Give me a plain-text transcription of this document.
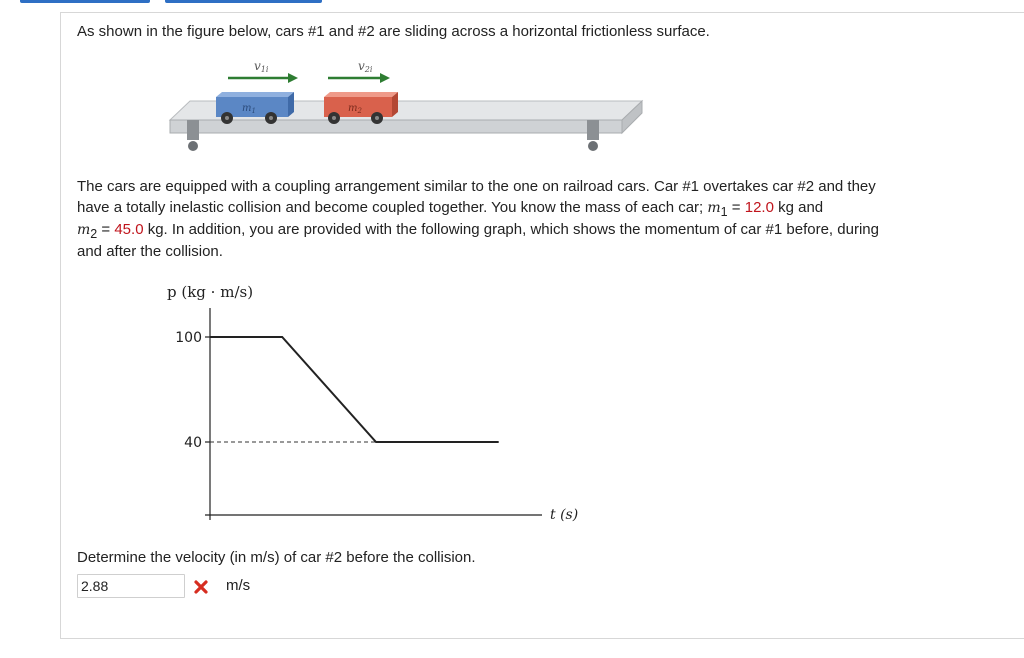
As shown in the figure below, cars #1 and #2 are sliding across a horizontal frictionless surface.
v1i	v2i
$m_1$	$m_2$
The cars are equipped with a coupling arrangement similar to the one on railroad cars. Car #1 overtakes car #2 and they
have a totally inelastic collision and become coupled together. You know the mass of each car; $m_1 = 12.0$ kg and
$m_2 = 45.0$ kg. In addition, you are provided with the following graph, which shows the momentum of car #1 before, during
and after the collision.
p (kg · m/s)
100
40
t (s)
Determine the velocity (in m/s) of car #2 before the collision.
2.88	m/s
